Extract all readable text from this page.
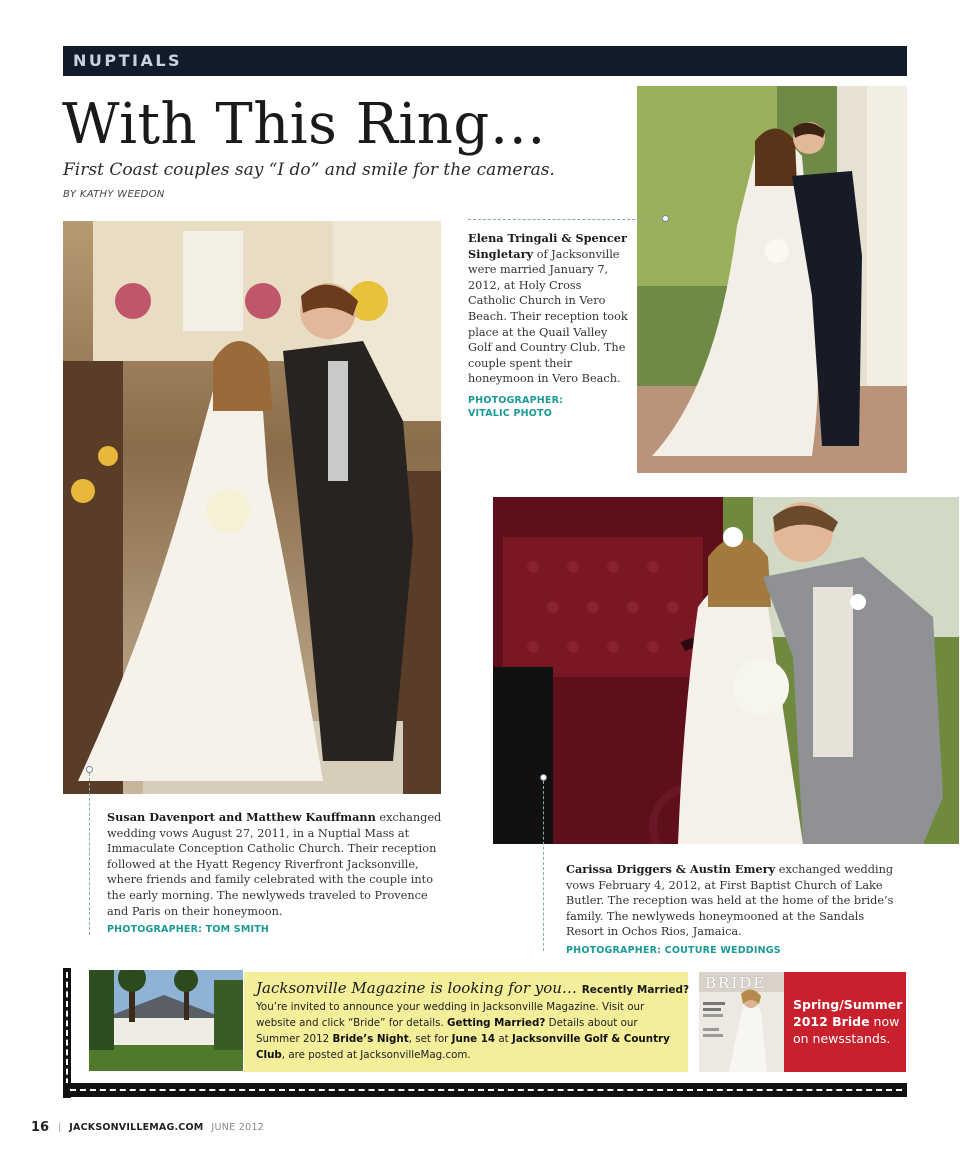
NUPTIALS
With This Ring…
First Coast couples say “I do” and smile for the cameras.
BY KATHY WEEDON
Elena Tringali & Spencer Singletary of Jacksonville were married January 7, 2012, at Holy Cross Catholic Church in Vero Beach. Their reception took place at the Quail Valley Golf and Country Club. The couple spent their honeymoon in Vero Beach.
PHOTOGRAPHER:
VITALIC PHOTO
Susan Davenport and Matthew Kauffmann exchanged wedding vows August 27, 2011, in a Nuptial Mass at Immaculate Conception Catholic Church. Their reception followed at the Hyatt Regency Riverfront Jacksonville, where friends and family celebrated with the couple into the early morning. The newlyweds traveled to Provence and Paris on their honeymoon.
PHOTOGRAPHER: TOM SMITH
Carissa Driggers & Austin Emery exchanged wedding vows February 4, 2012, at First Baptist Church of Lake Butler. The reception was held at the home of the bride’s family. The newlyweds honeymooned at the Sandals Resort in Ochos Rios, Jamaica.
PHOTOGRAPHER: COUTURE WEDDINGS
Jacksonville Magazine is looking for you… Recently Married?
You’re invited to announce your wedding in Jacksonville Magazine. Visit our website and click “Bride” for details. Getting Married? Details about our Summer 2012 Bride’s Night, set for June 14 at Jacksonville Golf & Country Club, are posted at JacksonvilleMag.com.
BRIDE
Spring/Summer 2012 Bride now on newsstands.
16 | JACKSONVILLEMAG.COM JUNE 2012
